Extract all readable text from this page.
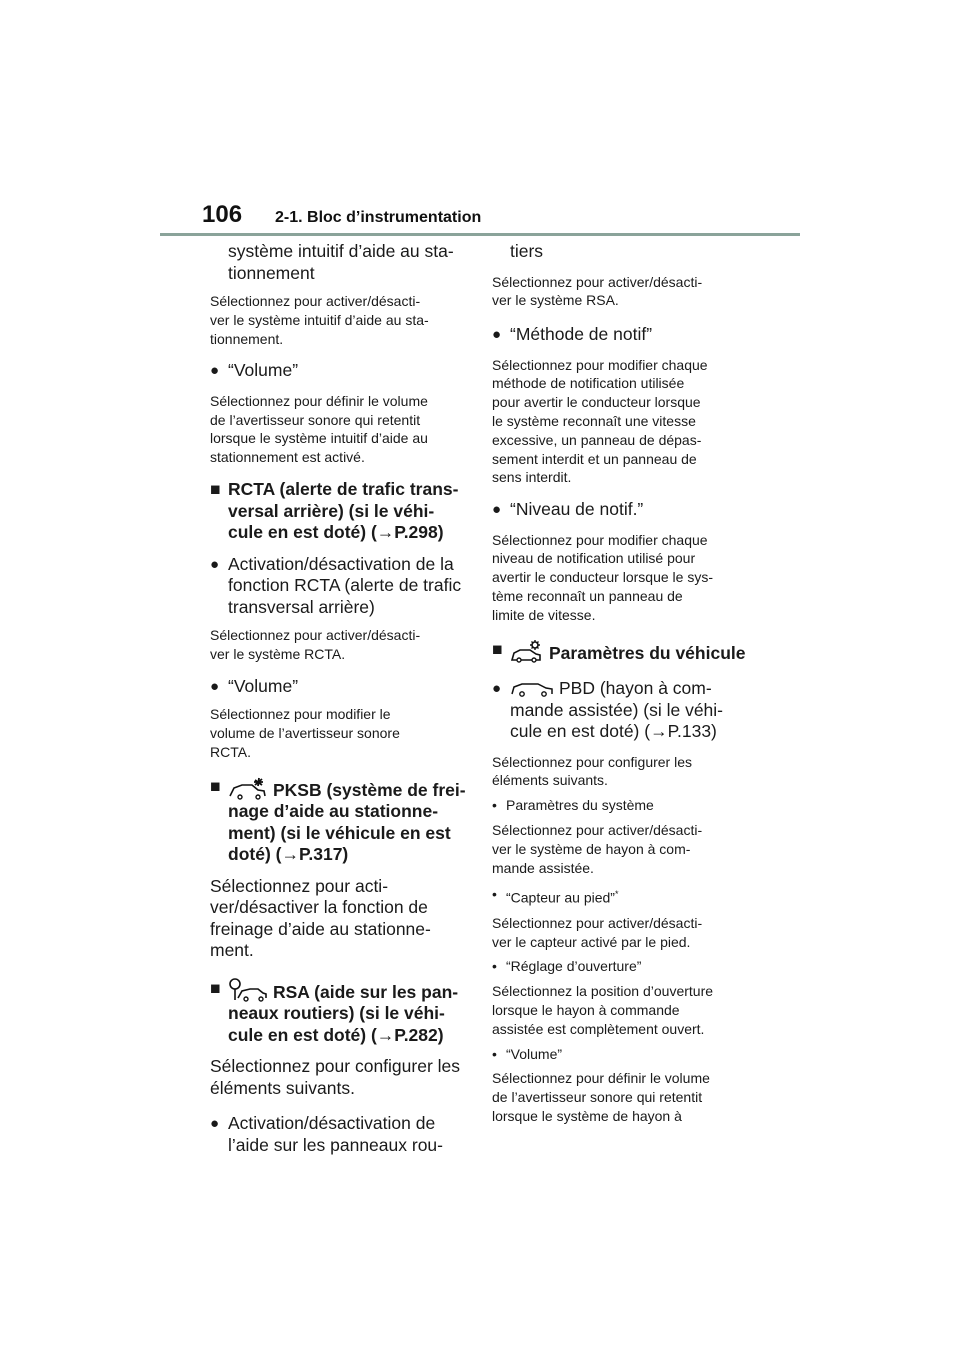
106 2-1. Bloc d’instrumentation

système intuitif d’aide au sta-

tionnement

Sélectionnez pour activer/désacti-

ver le système intuitif d’aide au sta-

tionnement.

● “Volume”

Sélectionnez pour définir le volume

de l’avertisseur sonore qui retentit

lorsque le système intuitif d’aide au

stationnement est activé.

■ RCTA (alerte de trafic trans-

versal arrière) (si le véhi-

cule en est doté) (→P.298)

● Activation/désactivation de la

fonction RCTA (alerte de trafic

transversal arrière)

Sélectionnez pour activer/désacti-

ver le système RCTA.

● “Volume”

Sélectionnez pour modifier le

volume de l’avertisseur sonore

RCTA.

■	PKSB (système de frei-

nage d’aide au stationne-

ment) (si le véhicule en est

doté) (→P.317)

Sélectionnez pour acti-

ver/désactiver la fonction de

freinage d’aide au stationne-

ment.

■	RSA (aide sur les pan-

neaux routiers) (si le véhi-

cule en est doté) (→P.282)

Sélectionnez pour configurer les

éléments suivants.

● Activation/désactivation de

l’aide sur les panneaux rou-

tiers

Sélectionnez pour activer/désacti-

ver le système RSA.

● “Méthode de notif”

Sélectionnez pour modifier chaque

méthode de notification utilisée

pour avertir le conducteur lorsque

le système reconnaît une vitesse

excessive, un panneau de dépas-

sement interdit et un panneau de

sens interdit.

● “Niveau de notif.”

Sélectionnez pour modifier chaque

niveau de notification utilisé pour

avertir le conducteur lorsque le sys-

tème reconnaît un panneau de

limite de vitesse.

■	Paramètres du véhicule

●	PBD (hayon à com-

mande assistée) (si le véhi-

cule en est doté) (→P.133)

Sélectionnez pour configurer les

éléments suivants.

• Paramètres du système

Sélectionnez pour activer/désacti-

ver le système de hayon à com-

mande assistée.

• “Capteur au pied”*

Sélectionnez pour activer/désacti-

ver le capteur activé par le pied.

• “Réglage d’ouverture”

Sélectionnez la position d’ouverture

lorsque le hayon à commande

assistée est complètement ouvert.

• “Volume”

Sélectionnez pour définir le volume

de l’avertisseur sonore qui retentit

lorsque le système de hayon à
